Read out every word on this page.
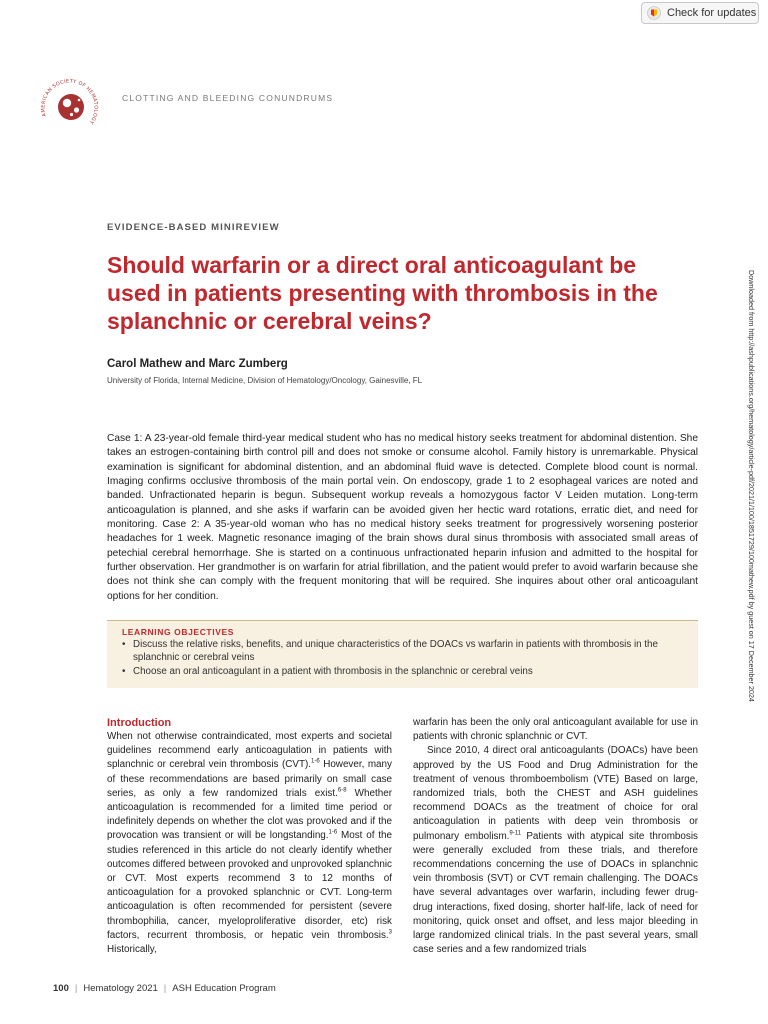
Check for updates
AMERICAN SOCIETY OF HEMATOLOGY
CLOTTING AND BLEEDING CONUNDRUMS
EVIDENCE-BASED MINIREVIEW
Should warfarin or a direct oral anticoagulant be used in patients presenting with thrombosis in the splanchnic or cerebral veins?
Carol Mathew and Marc Zumberg
University of Florida, Internal Medicine, Division of Hematology/Oncology, Gainesville, FL	Downloaded from http://ashpublications.org/hematology/article-pdf/2021/1/100/1851729/100mathew.pdf by guest on 17 December 2024

Case 1: A 23-year-old female third-year medical student who has no medical history seeks treatment for abdominal distention. She takes an estrogen-containing birth control pill and does not smoke or consume alcohol. Family history is unremarkable. Physical examination is significant for abdominal distention, and an abdominal fluid wave is detected. Complete blood count is normal. Imaging confirms occlusive thrombosis of the main portal vein. On endoscopy, grade 1 to 2 esophageal varices are noted and banded. Unfractionated heparin is begun. Subsequent workup reveals a homozygous factor V Leiden mutation. Long-term anticoagulation is planned, and she asks if warfarin can be avoided given her hectic ward rotations, erratic diet, and need for monitoring. Case 2: A 35-year-old woman who has no medical history seeks treatment for progressively worsening posterior headaches for 1 week. Magnetic resonance imaging of the brain shows dural sinus thrombosis with associated small areas of petechial cerebral hemorrhage. She is started on a continuous unfractionated heparin infusion and admitted to the hospital for further observation. Her grandmother is on warfarin for atrial fibrillation, and the patient would prefer to avoid warfarin because she does not think she can comply with the frequent monitoring that will be required. She inquires about other oral anticoagulant options for her condition.

LEARNING OBJECTIVES
• Discuss the relative risks, benefits, and unique characteristics of the DOACs vs warfarin in patients with thrombosis in the splanchnic or cerebral veins
• Choose an oral anticoagulant in a patient with thrombosis in the splanchnic or cerebral veins
Introduction

When not otherwise contraindicated, most experts and societal guidelines recommend early anticoagulation in patients with splanchnic or cerebral vein thrombosis (CVT).$^{1-6}$ However, many of these recommendations are based primarily on small case series, as only a few randomized trials exist.$^{6-8}$ Whether anticoagulation is recommended for a limited time period or indefinitely depends on whether the clot was provoked and if the provocation was transient or will be longstanding.$^{1-6}$ Most of the studies referenced in this article do not clearly identify whether outcomes differed between provoked and unprovoked splanchnic or CVT. Most experts recommend 3 to 12 months of anticoagulation for a provoked splanchnic or CVT. Long-term anticoagulation is often recommended for persistent (severe thrombophilia, cancer, myeloproliferative disorder, etc) risk factors, recurrent thrombosis, or hepatic vein thrombosis.$^3$ Historically,

warfarin has been the only oral anticoagulant available for use in patients with chronic splanchnic or CVT.

Since 2010, 4 direct oral anticoagulants (DOACs) have been approved by the US Food and Drug Administration for the treatment of venous thromboembolism (VTE) Based on large, randomized trials, both the CHEST and ASH guidelines recommend DOACs as the treatment of choice for oral anticoagulation in patients with deep vein thrombosis or pulmonary embolism.$^{9-11}$ Patients with atypical site thrombosis were generally excluded from these trials, and therefore recommendations concerning the use of DOACs in splanchnic vein thrombosis (SVT) or CVT remain challenging. The DOACs have several advantages over warfarin, including fewer drug-drug interactions, fixed dosing, shorter half-life, lack of need for monitoring, quick onset and offset, and less major bleeding in large randomized clinical trials. In the past several years, small case series and a few randomized trials

100 | Hematology 2021 | ASH Education Program
